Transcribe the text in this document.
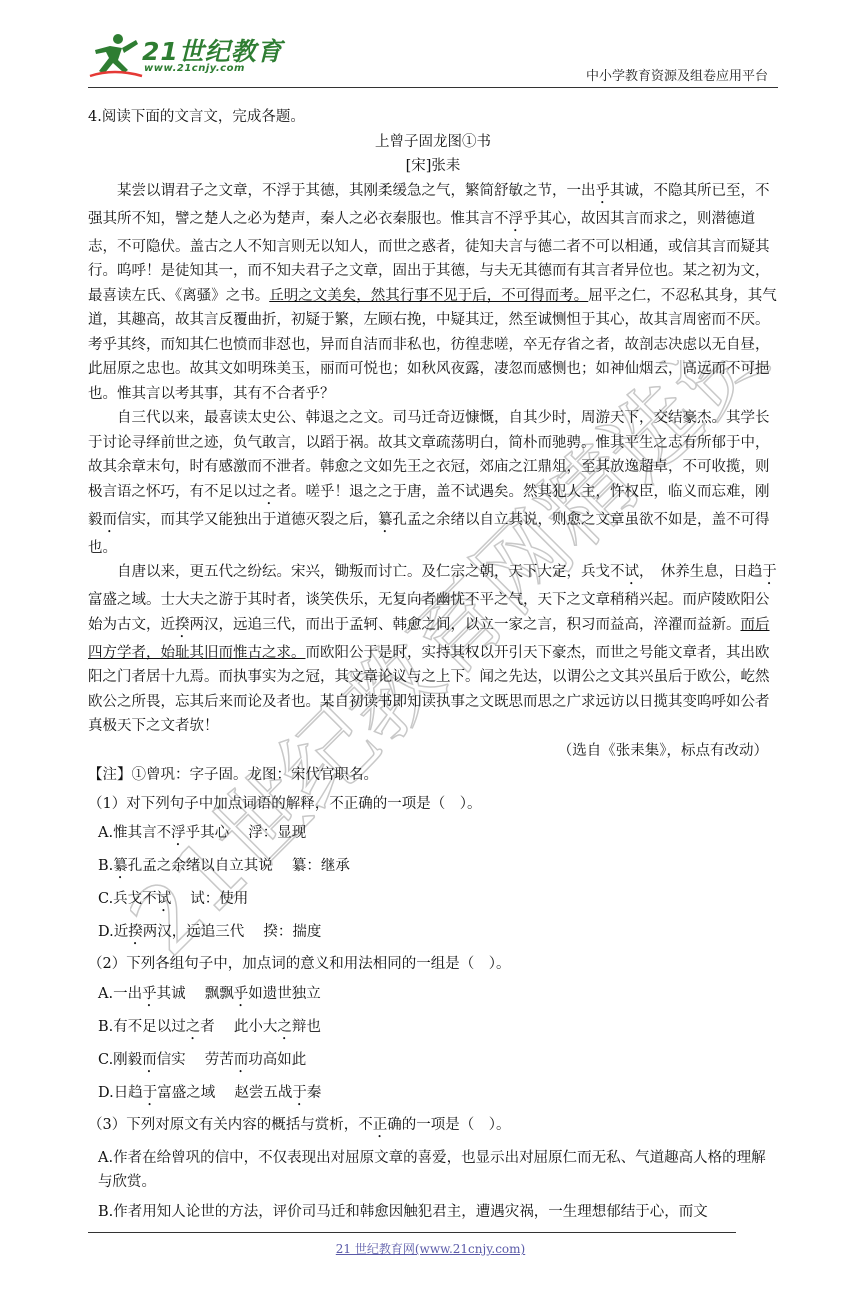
21世纪教育
www.21cnjy.com
中小学教育资源及组卷应用平台
21世纪教育网精选资料

4.阅读下面的文言文，完成各题。

上曾子固龙图①书

[宋]张耒

某尝以谓君子之文章，不浮于其德，其刚柔缓急之气，繁简舒敏之节，一出乎其诚，不隐其所已至，不强其所不知，譬之楚人之必为楚声，秦人之必衣秦服也。惟其言不浮乎其心，故因其言而求之，则潜德道志，不可隐伏。盖古之人不知言则无以知人，而世之惑者，徒知夫言与德二者不可以相通，或信其言而疑其行。呜呼！是徒知其一，而不知夫君子之文章，固出于其德，与夫无其德而有其言者异位也。某之初为文，最喜读左氏、《离骚》之书。丘明之文美矣，然其行事不见于后，不可得而考。屈平之仁，不忍私其身，其气道，其趣高，故其言反覆曲折，初疑于繁，左顾右挽，中疑其迂，然至诚恻怛于其心，故其言周密而不厌。考乎其终，而知其仁也愤而非怼也，异而自洁而非私也，彷徨悲嗟，卒无存省之者，故剖志决虑以无自昼，此屈原之忠也。故其文如明珠美玉，丽而可悦也；如秋风夜露，凄忽而感恻也；如神仙烟云，高远而不可挹也。惟其言以考其事，其有不合者乎？

自三代以来，最喜读太史公、韩退之之文。司马迁奇迈慷慨，自其少时，周游天下，交结豪杰。其学长于讨论寻绎前世之迹，负气敢言，以蹈于祸。故其文章疏荡明白，简朴而驰骋。惟其平生之志有所郁于中，故其余章末句，时有感激而不泄者。韩愈之文如先王之衣冠，郊庙之江鼎俎，至其放逸超卓，不可收揽，则极言语之怀巧，有不足以过之者。嗟乎！退之之于唐，盖不试遇矣。然其犯人主，忤权臣，临义而忘难，刚毅而信实，而其学又能独出于道德灭裂之后，纂孔孟之余绪以自立其说，则愈之文章虽欲不如是，盖不可得也。

自唐以来，更五代之纷纭。宋兴，锄叛而讨亡。及仁宗之朝，天下大定，兵戈不试，　休养生息，日趋于富盛之域。士大夫之游于其时者，谈笑佚乐，无复向者幽忧不平之气，天下之文章稍稍兴起。而庐陵欧阳公始为古文，近揆两汉，远追三代，而出于孟轲、韩愈之间，以立一家之言，积习而益高，淬濯而益新。而后四方学者，始耻其旧而惟古之求。而欧阳公于是时，实持其权以开引天下豪杰，而世之号能文章者，其出欧阳之门者居十九焉。而执事实为之冠，其文章论议与之上下。闻之先达，以谓公之文其兴虽后于欧公，屹然欧公之所畏，忘其后来而论及者也。某自初读书即知读执事之文既思而思之广求远访以日揽其变呜呼如公者真极天下之文者欤！

（选自《张耒集》，标点有改动）

【注】①曾巩：字子固。龙图：宋代官职名。

（1）对下列句子中加点词语的解释，不正确的一项是（　）。

A.惟其言不浮乎其心　 浮：显现

B.纂孔孟之余绪以自立其说　 纂：继承

C.兵戈不试　 试：使用

D.近揆两汉，远追三代　 揆：揣度

（2）下列各组句子中，加点词的意义和用法相同的一组是（　）。

A.一出乎其诚　 飘飘乎如遗世独立

B.有不足以过之者　 此小大之辩也

C.刚毅而信实　 劳苦而功高如此

D.日趋于富盛之域　 赵尝五战于秦

（3）下列对原文有关内容的概括与赏析，不正确的一项是（　）。

A.作者在给曾巩的信中，不仅表现出对屈原文章的喜爱，也显示出对屈原仁而无私、气道趣高人格的理解与欣赏。

B.作者用知人论世的方法，评价司马迁和韩愈因触犯君主，遭遇灾祸，一生理想郁结于心，而文

21 世纪教育网(www.21cnjy.com)
